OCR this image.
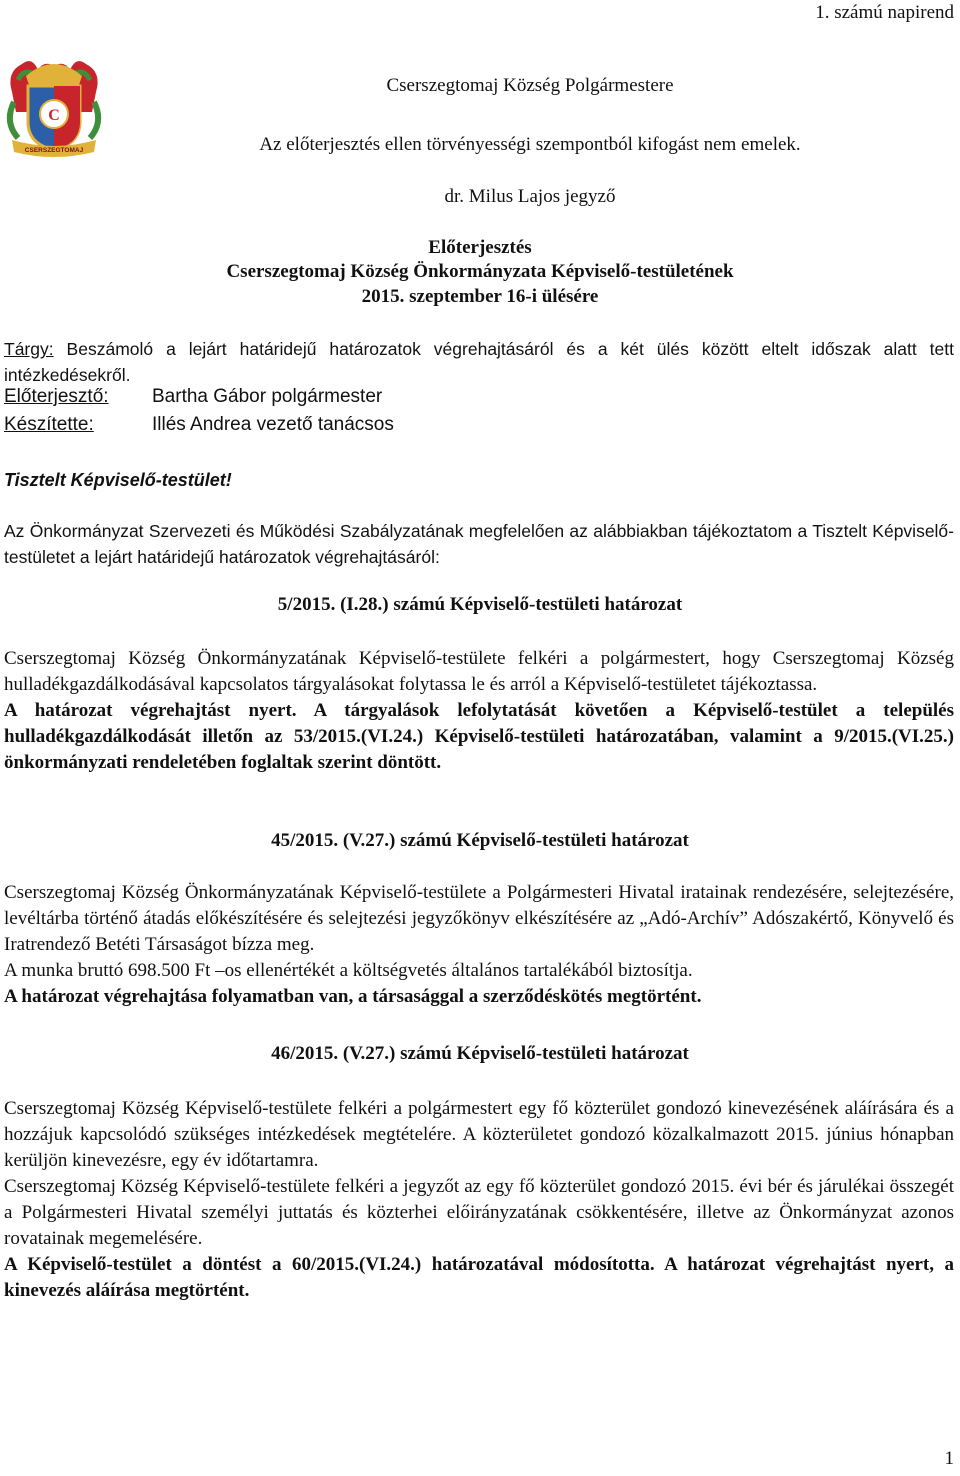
1. számú napirend
C
CSERSZEGTOMAJ
Cserszegtomaj Község Polgármestere
Az előterjesztés ellen törvényességi szempontból kifogást nem emelek.
dr. Milus Lajos jegyző
Előterjesztés
Cserszegtomaj Község Önkormányzata Képviselő-testületének
2015. szeptember 16-i ülésére
Tárgy: Beszámoló a lejárt határidejű határozatok végrehajtásáról és a két ülés között eltelt időszak alatt tett intézkedésekről.
Előterjesztő: Bartha Gábor polgármester
Készítette:	Illés Andrea vezető tanácsos
Tisztelt Képviselő-testület!
Az Önkormányzat Szervezeti és Működési Szabályzatának megfelelően az alábbiakban tájékoztatom a Tisztelt Képviselő-testületet a lejárt határidejű határozatok végrehajtásáról:
5/2015. (I.28.) számú Képviselő-testületi határozat

Cserszegtomaj Község Önkormányzatának Képviselő-testülete felkéri a polgármestert, hogy Cserszegtomaj Község hulladékgazdálkodásával kapcsolatos tárgyalásokat folytassa le és arról a Képviselő-testületet tájékoztassa.

A határozat végrehajtást nyert. A tárgyalások lefolytatását követően a Képviselő-testület a település hulladékgazdálkodását illetőn az 53/2015.(VI.24.) Képviselő-testületi határozatában, valamint a 9/2015.(VI.25.) önkormányzati rendeletében foglaltak szerint döntött.

45/2015. (V.27.) számú Képviselő-testületi határozat

Cserszegtomaj Község Önkormányzatának Képviselő-testülete a Polgármesteri Hivatal iratainak rendezésére, selejtezésére, levéltárba történő átadás előkészítésére és selejtezési jegyzőkönyv elkészítésére az „Adó-Archív” Adószakértő, Könyvelő és Iratrendező Betéti Társaságot bízza meg.

A munka bruttó 698.500 Ft –os ellenértékét a költségvetés általános tartalékából biztosítja.

A határozat végrehajtása folyamatban van, a társasággal a szerződéskötés megtörtént.

46/2015. (V.27.) számú Képviselő-testületi határozat

Cserszegtomaj Község Képviselő-testülete felkéri a polgármestert egy fő közterület gondozó kinevezésének aláírására és a hozzájuk kapcsolódó szükséges intézkedések megtételére. A közterületet gondozó közalkalmazott 2015. június hónapban kerüljön kinevezésre, egy év időtartamra.

Cserszegtomaj Község Képviselő-testülete felkéri a jegyzőt az egy fő közterület gondozó 2015. évi bér és járulékai összegét a Polgármesteri Hivatal személyi juttatás és közterhei előirányzatának csökkentésére, illetve az Önkormányzat azonos rovatainak megemelésére.

A Képviselő-testület a döntést a 60/2015.(VI.24.) határozatával módosította. A határozat végrehajtást nyert, a kinevezés aláírása megtörtént.

1
